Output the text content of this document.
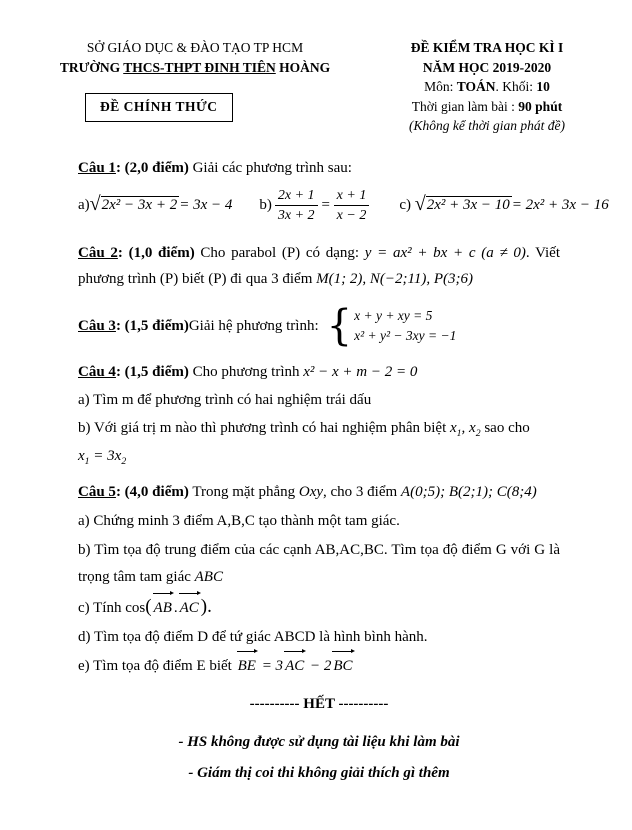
SỞ GIÁO DỤC & ĐÀO TẠO TP HCM
TRƯỜNG THCS-THPT ĐINH TIÊN HOÀNG
ĐỀ CHÍNH THỨC
ĐỀ KIỂM TRA HỌC KÌ I
NĂM HỌC 2019-2020
Môn: TOÁN. Khối: 10
Thời gian làm bài : 90 phút
(Không kể thời gian phát đề)
Câu 1: (2,0 điểm) Giải các phương trình sau:
a) √ 2x² − 3x + 2 = 3x − 4 $b) \frac{2x + 1}{3x + 2} = \frac{x + 1}{x - 2} c$)
√ 2x² + 3x − 10 = 2x² + 3x − 16
Câu 2: (1,0 điểm) Cho parabol (P) có dạng: y = ax² + bx + c (a ≠ 0). Viết phương trình (P) biết (P) đi qua 3 điểm M(1; 2), N(−2;11), P(3;6)
Câu 3: (1,5 điểm) Giải hệ phương trình: { x + y + xy = 5
x² + y² − 3xy = −1
Câu 4: (1,5 điểm) Cho phương trình x² − x + m − 2 = 0
a) Tìm m để phương trình có hai nghiệm trái dấu
b) Với giá trị m nào thì phương trình có hai nghiệm phân biệt $x_1$, $x_2$ sao cho
$x_1 = 3x_2$
Câu 5: (4,0 điểm) Trong mặt phẳng Oxy, cho 3 điểm A(0;5); B(2;1); C(8;4)
a) Chứng minh 3 điểm A,B,C tạo thành một tam giác.
b) Tìm tọa độ trung điểm của các cạnh AB,AC,BC. Tìm tọa độ điểm G với G là trọng tâm tam giác ABC
c) Tính cos( AB . AC ).
d) Tìm tọa độ điểm D để tứ giác ABCD là hình bình hành.
e) Tìm tọa độ điểm E biết BE = 3 AC − 2 BC
---------- HẾT ----------
- HS không được sử dụng tài liệu khi làm bài
- Giám thị coi thi không giải thích gì thêm
